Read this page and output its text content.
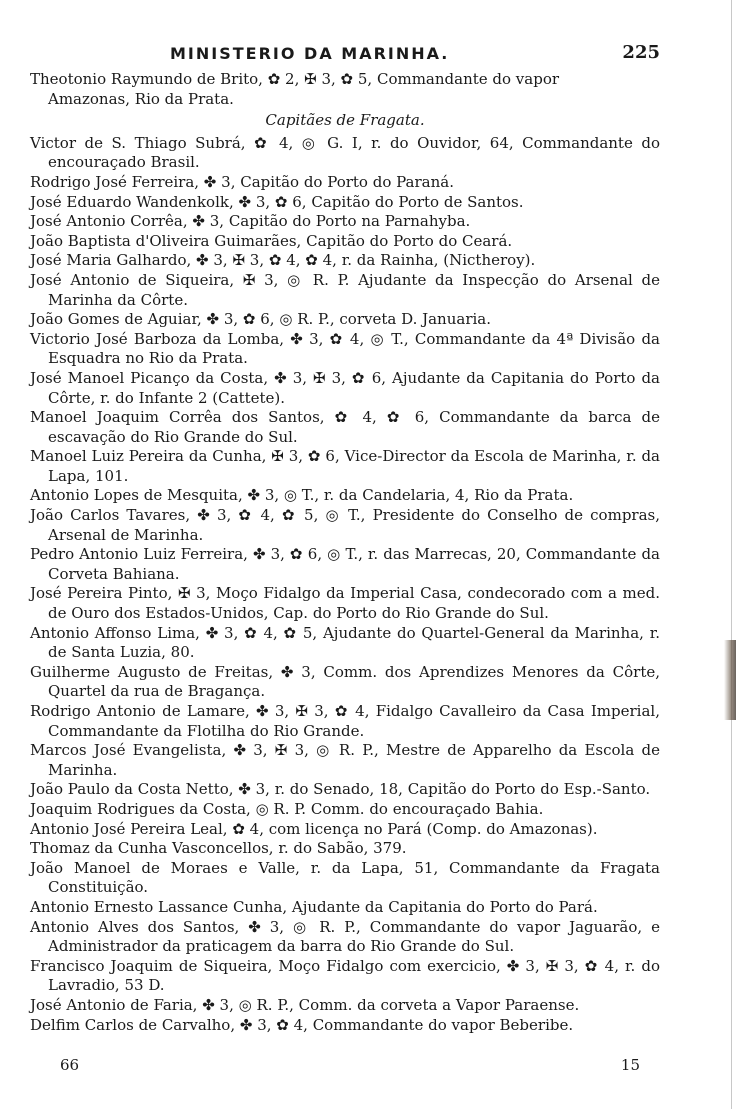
MINISTERIO DA MARINHA.	225
Theotonio Raymundo de Brito, ✿ 2, ✠ 3, ✿ 5, Commandante do vapor
Amazonas, Rio da Prata.
Capitães de Fragata.
Victor de S. Thiago Subrá, ✿ 4, ◎ G. I, r. do Ouvidor, 64, Commandante do encouraçado Brasil.
Rodrigo José Ferreira, ✤ 3, Capitão do Porto do Paraná.
José Eduardo Wandenkolk, ✤ 3, ✿ 6, Capitão do Porto de Santos.
José Antonio Corrêa, ✤ 3, Capitão do Porto na Parnahyba.
João Baptista d'Oliveira Guimarães, Capitão do Porto do Ceará.
José Maria Galhardo, ✤ 3, ✠ 3, ✿ 4, ✿ 4, r. da Rainha, (Nictheroy).
José Antonio de Siqueira, ✠ 3, ◎ R. P. Ajudante da Inspecção do Arsenal de Marinha da Côrte.
João Gomes de Aguiar, ✤ 3, ✿ 6, ◎ R. P., corveta D. Januaria.
Victorio José Barboza da Lomba, ✤ 3, ✿ 4, ◎ T., Commandante da 4ª Divisão da Esquadra no Rio da Prata.
José Manoel Picanço da Costa, ✤ 3, ✠ 3, ✿ 6, Ajudante da Capitania do Porto da Côrte, r. do Infante 2 (Cattete).
Manoel Joaquim Corrêa dos Santos, ✿ 4, ✿ 6, Commandante da barca de escavação do Rio Grande do Sul.
Manoel Luiz Pereira da Cunha, ✠ 3, ✿ 6, Vice-Director da Escola de Marinha, r. da Lapa, 101.
Antonio Lopes de Mesquita, ✤ 3, ◎ T., r. da Candelaria, 4, Rio da Prata.
João Carlos Tavares, ✤ 3, ✿ 4, ✿ 5, ◎ T., Presidente do Conselho de compras, Arsenal de Marinha.
Pedro Antonio Luiz Ferreira, ✤ 3, ✿ 6, ◎ T., r. das Marrecas, 20, Commandante da Corveta Bahiana.
José Pereira Pinto, ✠ 3, Moço Fidalgo da Imperial Casa, condecorado com a med. de Ouro dos Estados-Unidos, Cap. do Porto do Rio Grande do Sul.
Antonio Affonso Lima, ✤ 3, ✿ 4, ✿ 5, Ajudante do Quartel-General da Marinha, r. de Santa Luzia, 80.
Guilherme Augusto de Freitas, ✤ 3, Comm. dos Aprendizes Menores da Côrte, Quartel da rua de Bragança.
Rodrigo Antonio de Lamare, ✤ 3, ✠ 3, ✿ 4, Fidalgo Cavalleiro da Casa Imperial, Commandante da Flotilha do Rio Grande.
Marcos José Evangelista, ✤ 3, ✠ 3, ◎ R. P., Mestre de Apparelho da Escola de Marinha.
João Paulo da Costa Netto, ✤ 3, r. do Senado, 18, Capitão do Porto do Esp.-Santo.
Joaquim Rodrigues da Costa, ◎ R. P. Comm. do encouraçado Bahia.
Antonio José Pereira Leal, ✿ 4, com licença no Pará (Comp. do Amazonas).
Thomaz da Cunha Vasconcellos, r. do Sabão, 379.
João Manoel de Moraes e Valle, r. da Lapa, 51, Commandante da Fragata Constituição.
Antonio Ernesto Lassance Cunha, Ajudante da Capitania do Porto do Pará.
Antonio Alves dos Santos, ✤ 3, ◎ R. P., Commandante do vapor Jaguarão, e Administrador da praticagem da barra do Rio Grande do Sul.
Francisco Joaquim de Siqueira, Moço Fidalgo com exercicio, ✤ 3, ✠ 3, ✿ 4, r. do Lavradio, 53 D.
José Antonio de Faria, ✤ 3, ◎ R. P., Comm. da corveta a Vapor Paraense.
Delfim Carlos de Carvalho, ✤ 3, ✿ 4, Commandante do vapor Beberibe.
66	15
